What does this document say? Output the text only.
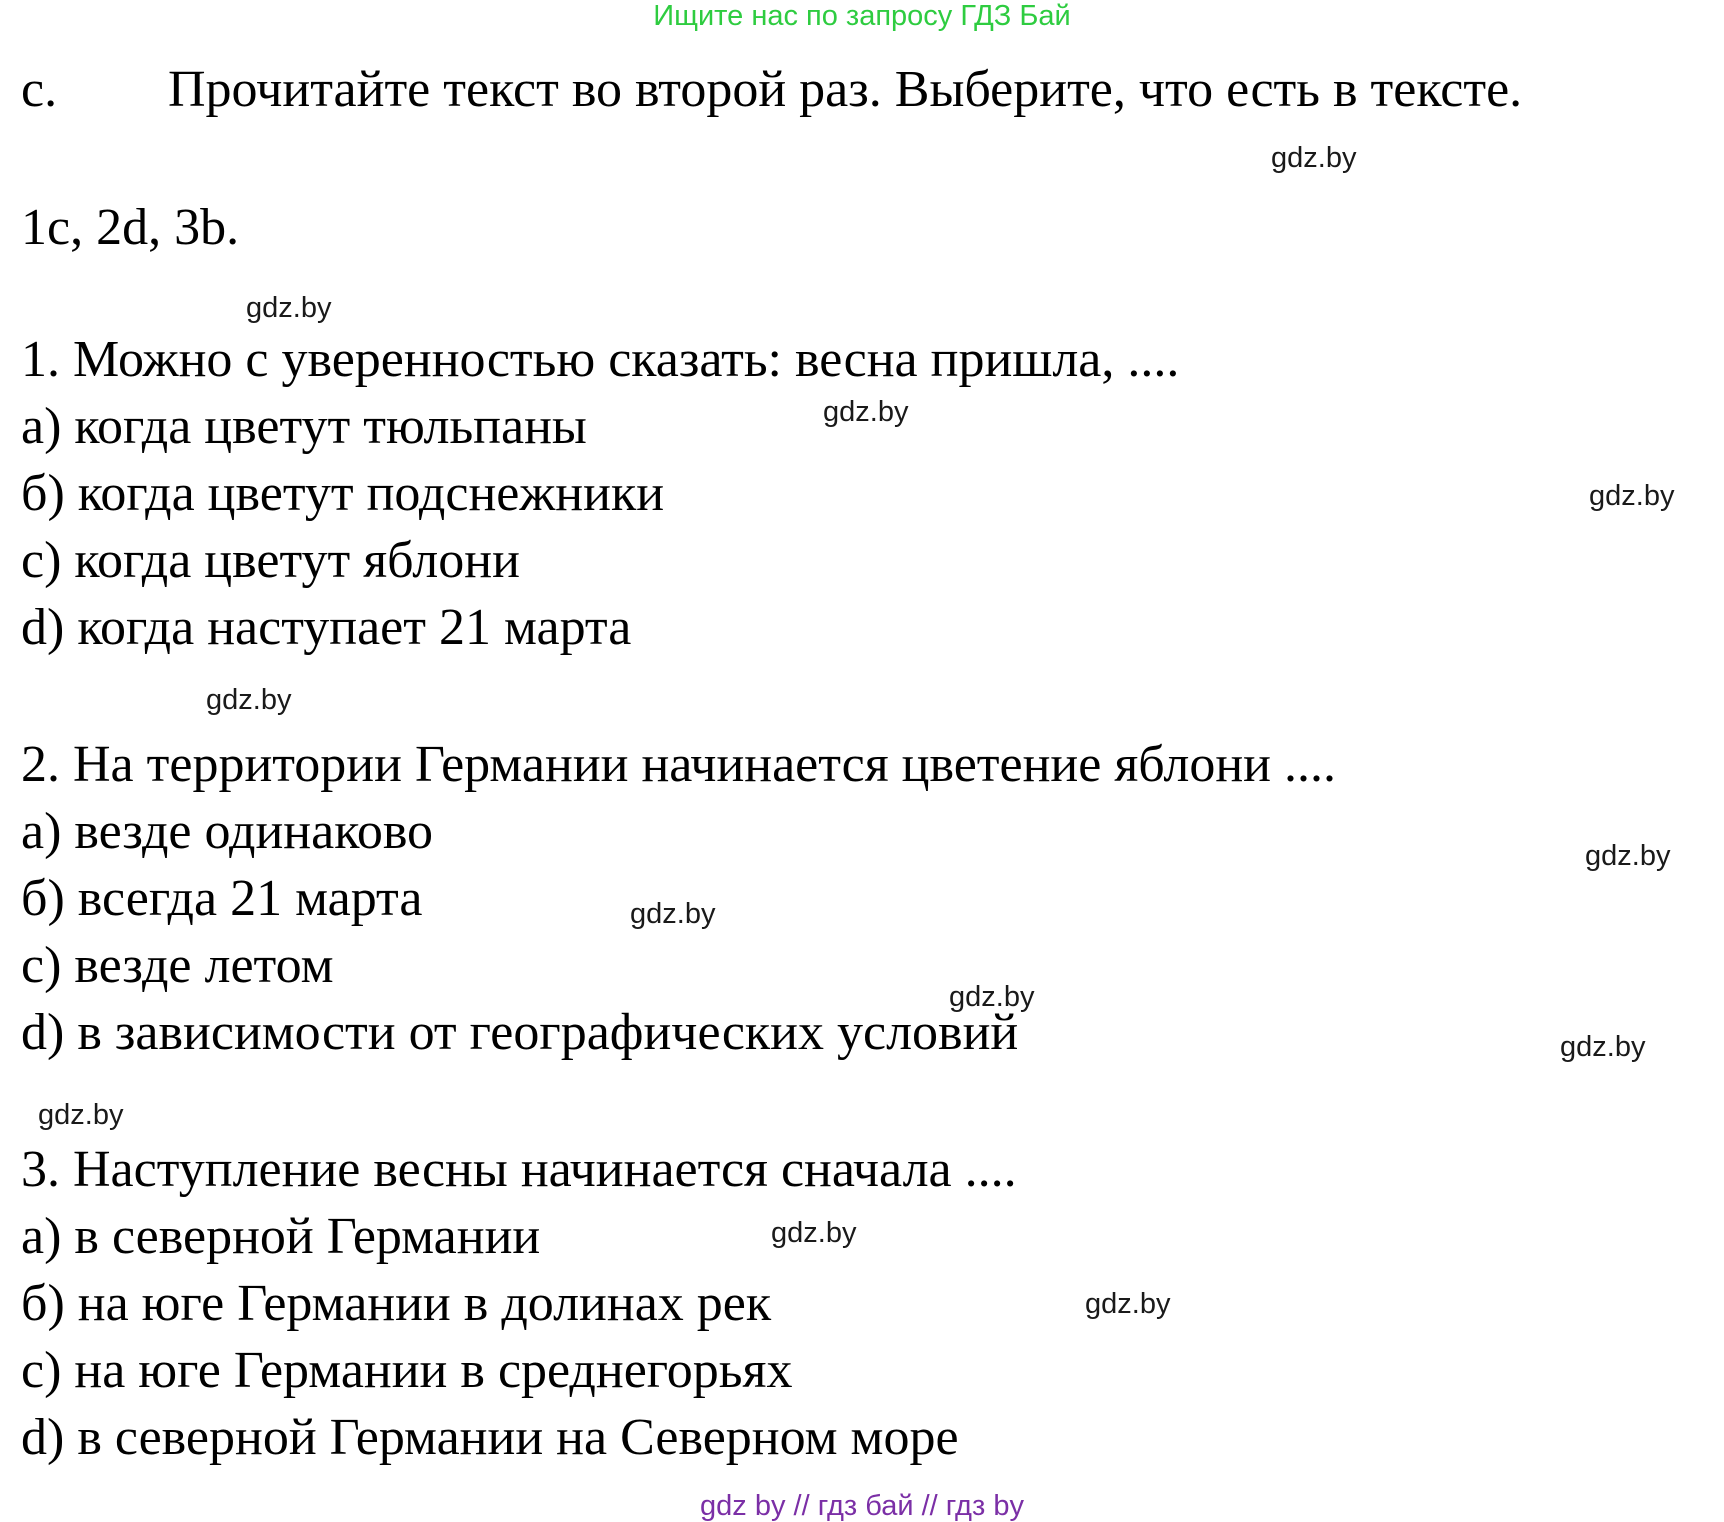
Ищите нас по запросу ГДЗ Бай
с. Прочитайте текст во второй раз. Выберите, что есть в тексте.
1c, 2d, 3b.
1. Можно с уверенностью сказать: весна пришла, ....
а) когда цветут тюльпаны
б) когда цветут подснежники
с) когда цветут яблони
d) когда наступает 21 марта
2. На территории Германии начинается цветение яблони ....
а) везде одинаково
б) всегда 21 марта
с) везде летом
d) в зависимости от географических условий
3. Наступление весны начинается сначала ....
а) в северной Германии
б) на юге Германии в долинах рек
с) на юге Германии в среднегорьях
d) в северной Германии на Северном море
gdz.by
gdz.by
gdz.by
gdz.by
gdz.by
gdz.by
gdz.by
gdz.by
gdz.by
gdz.by
gdz.by
gdz.by
gdz by // гдз бай // гдз by
